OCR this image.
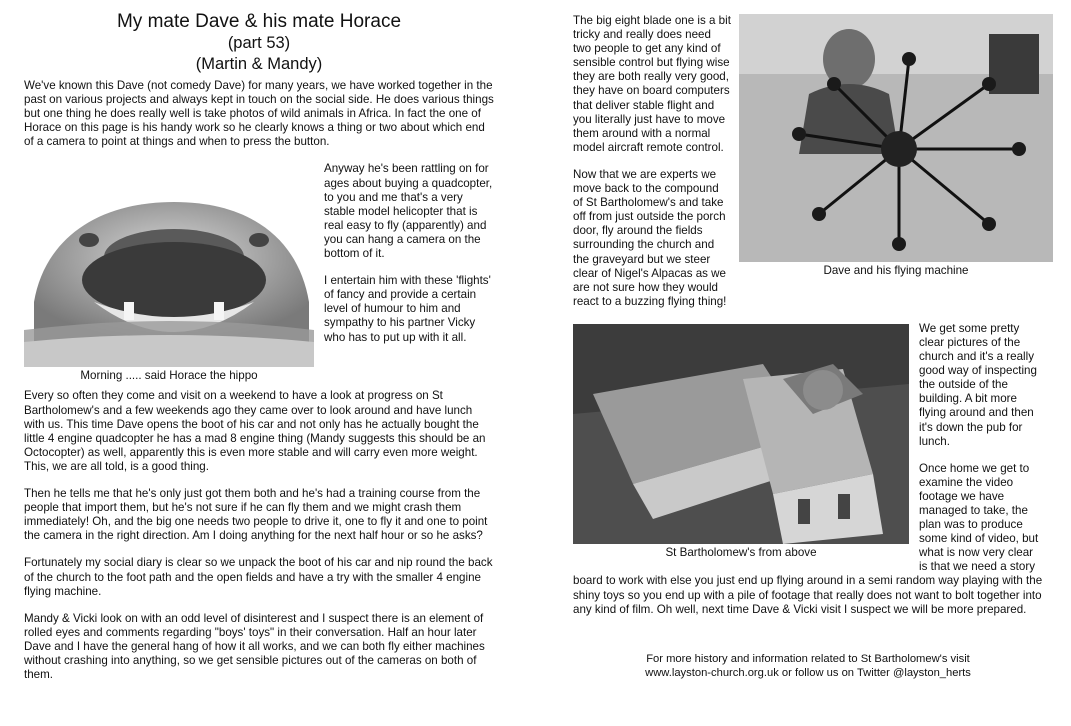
My mate Dave & his mate Horace
(part 53)
(Martin & Mandy)

We've known this Dave (not comedy Dave) for many years, we have worked together in the past on various projects and always kept in touch on the social side. He does various things but one thing he does really well is take photos of wild animals in Africa. In fact the one of Horace on this page is his handy work so he clearly knows a thing or two about which end of a camera to point at things and when to press the button.

Morning ..... said Horace the hippo

Anyway he's been rattling on for ages about buying a quadcopter, to you and me that's a very stable model helicopter that is real easy to fly (apparently) and you can hang a camera on the bottom of it.

I entertain him with these 'flights' of fancy and provide a certain level of humour to him and sympathy to his partner Vicky who has to put up with it all.

Every so often they come and visit on a weekend to have a look at progress on St Bartholomew's and a few weekends ago they came over to look around and have lunch with us. This time Dave opens the boot of his car and not only has he actually bought the little 4 engine quadcopter he has a mad 8 engine thing (Mandy suggests this should be an Octocopter) as well, apparently this is even more stable and will carry even more weight. This, we are all told, is a good thing.

Then he tells me that he's only just got them both and he's had a training course from the people that import them, but he's not sure if he can fly them and we might crash them immediately! Oh, and the big one needs two people to drive it, one to fly it and one to point the camera in the right direction. Am I doing anything for the next half hour or so he asks?

Fortunately my social diary is clear so we unpack the boot of his car and nip round the back of the church to the foot path and the open fields and have a try with the smaller 4 engine flying machine.

Mandy & Vicki look on with an odd level of disinterest and I suspect there is an element of rolled eyes and comments regarding "boys' toys" in their conversation. Half an hour later Dave and I have the general hang of how it all works, and we can both fly either machines without crashing into anything, so we get sensible pictures out of the cameras on both of them.

Dave and his flying machine

The big eight blade one is a bit tricky and really does need two people to get any kind of sensible control but flying wise they are both really very good, they have on board computers that deliver stable flight and you literally just have to move them around with a normal model aircraft remote control.

Now that we are experts we move back to the compound of St Bartholomew's and take off from just outside the porch door, fly around the fields surrounding the church and the graveyard but we steer clear of Nigel's Alpacas as we are not sure how they would react to a buzzing flying thing!

St Bartholomew's from above

We get some pretty clear pictures of the church and it's a really good way of inspecting the outside of the building. A bit more flying around and then it's down the pub for lunch.

Once home we get to examine the video footage we have managed to take, the plan was to produce some kind of video, but what is now very clear is that we need a story board to work with else you just end up flying around in a semi random way playing with the shiny toys so you end up with a pile of footage that really does not want to bolt together into any kind of film. Oh well, next time Dave & Vicki visit I suspect we will be more prepared.

For more history and information related to St Bartholomew's visit
www.layston-church.org.uk or follow us on Twitter @layston_herts
